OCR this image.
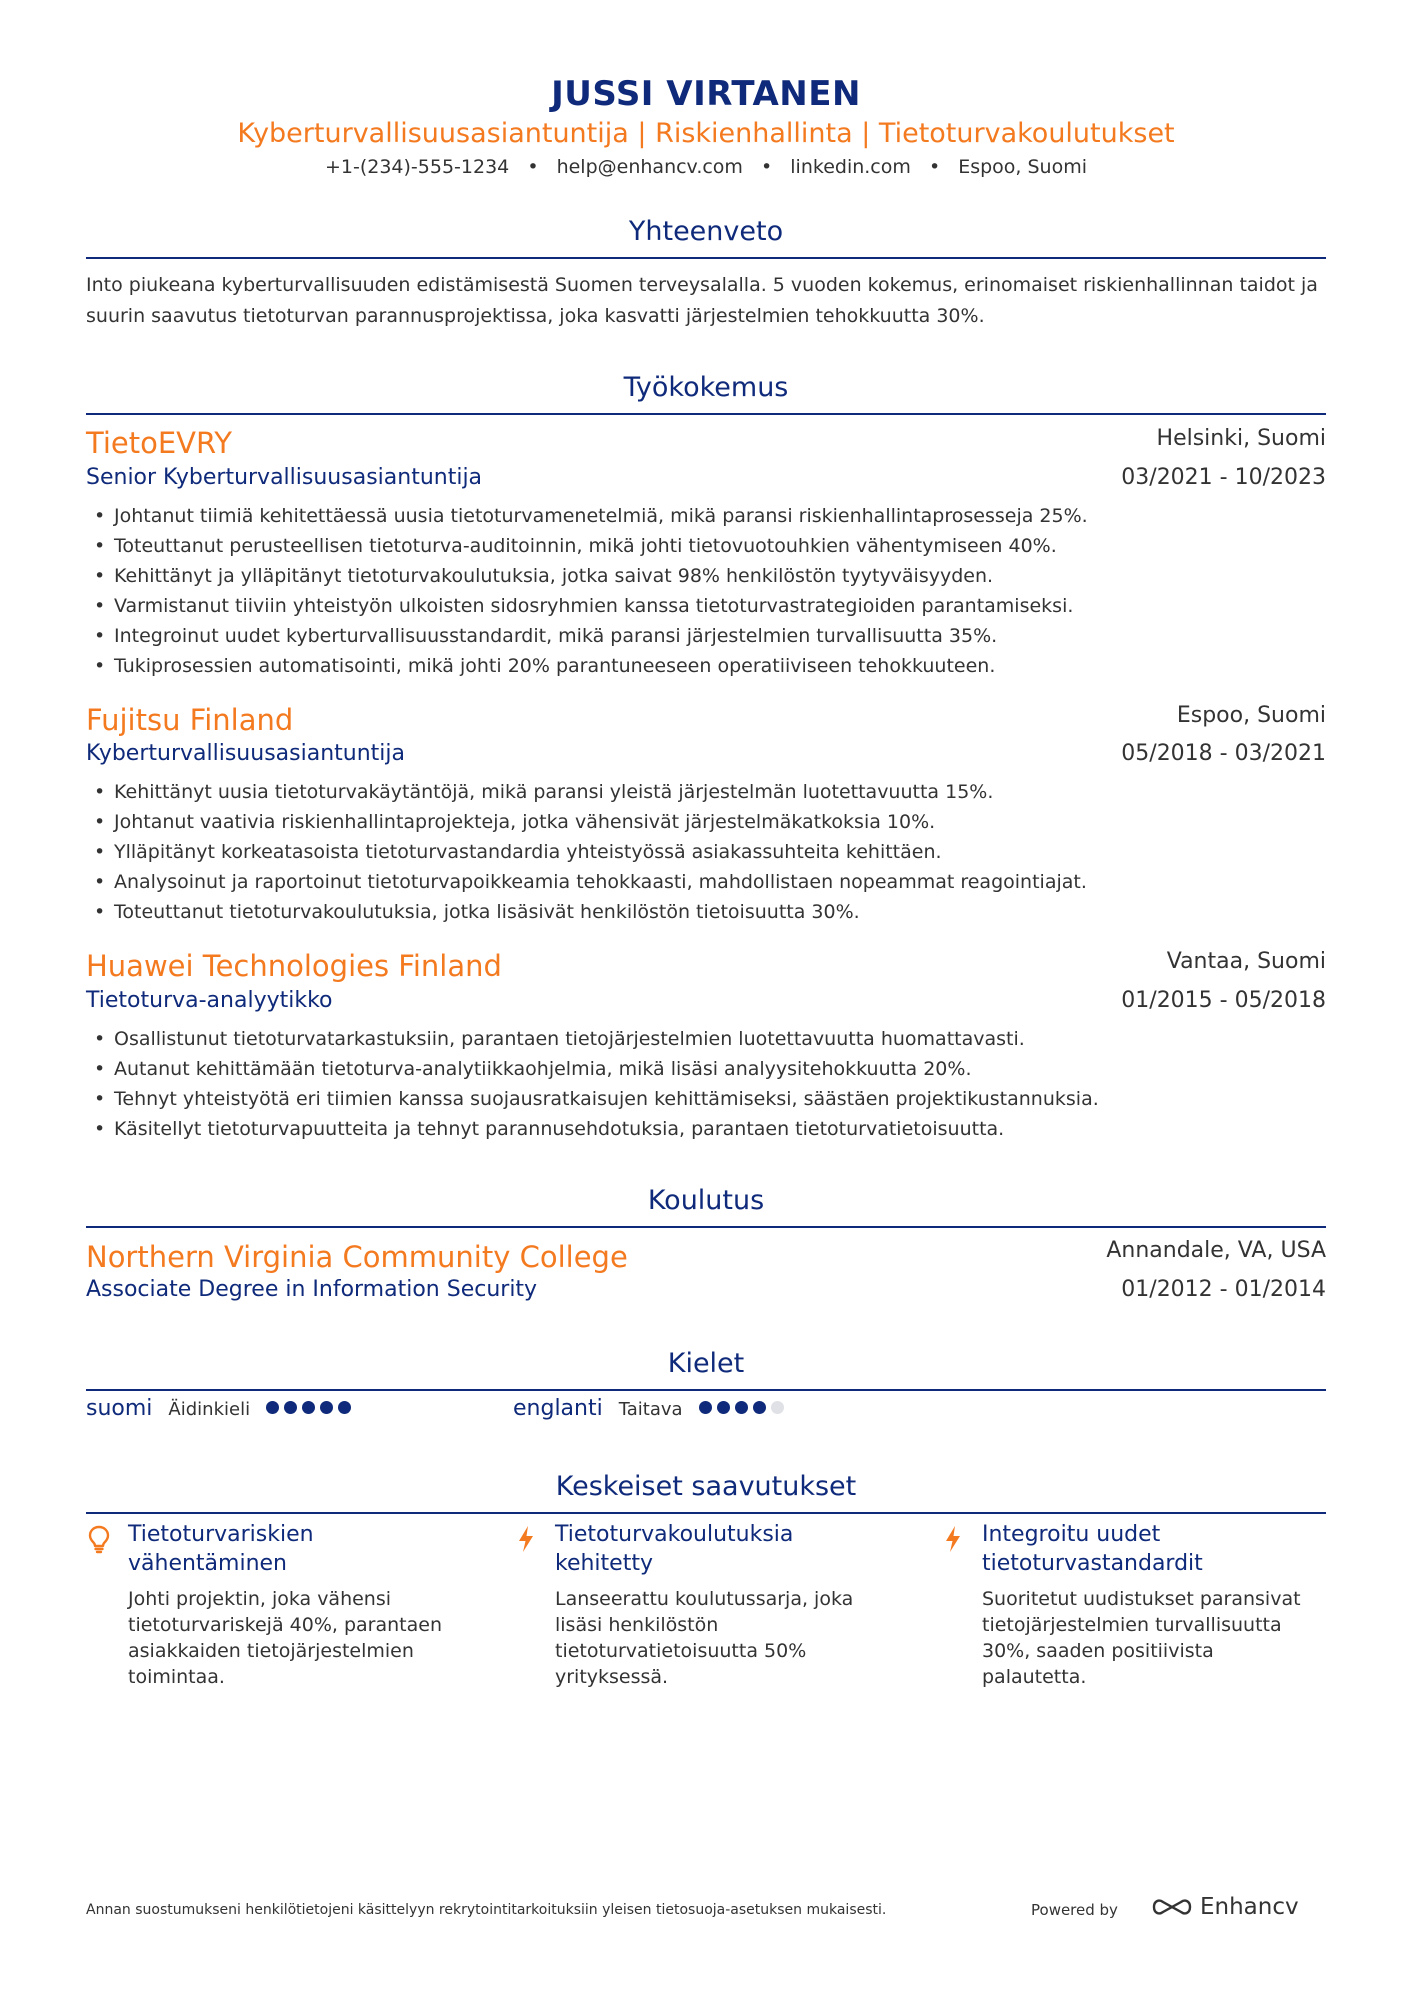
JUSSI VIRTANEN
Kyberturvallisuusasiantuntija | Riskienhallinta | Tietoturvakoulutukset
+1-(234)-555-1234 • help@enhancv.com • linkedin.com • Espoo, Suomi
Yhteenveto
Into piukeana kyberturvallisuuden edistämisestä Suomen terveysalalla. 5 vuoden kokemus, erinomaiset riskienhallinnan taidot ja suurin saavutus tietoturvan parannusprojektissa, joka kasvatti järjestelmien tehokkuutta 30%.
Työkokemus
TietoEVRY	Helsinki, Suomi
Senior Kyberturvallisuusasiantuntija	03/2021 - 10/2023
• Johtanut tiimiä kehitettäessä uusia tietoturvamenetelmiä, mikä paransi riskienhallintaprosesseja 25%.
• Toteuttanut perusteellisen tietoturva-auditoinnin, mikä johti tietovuotouhkien vähentymiseen 40%.
• Kehittänyt ja ylläpitänyt tietoturvakoulutuksia, jotka saivat 98% henkilöstön tyytyväisyyden.
• Varmistanut tiiviin yhteistyön ulkoisten sidosryhmien kanssa tietoturvastrategioiden parantamiseksi.
• Integroinut uudet kyberturvallisuusstandardit, mikä paransi järjestelmien turvallisuutta 35%.
• Tukiprosessien automatisointi, mikä johti 20% parantuneeseen operatiiviseen tehokkuuteen.
Fujitsu Finland	Espoo, Suomi
Kyberturvallisuusasiantuntija	05/2018 - 03/2021
• Kehittänyt uusia tietoturvakäytäntöjä, mikä paransi yleistä järjestelmän luotettavuutta 15%.
• Johtanut vaativia riskienhallintaprojekteja, jotka vähensivät järjestelmäkatkoksia 10%.
• Ylläpitänyt korkeatasoista tietoturvastandardia yhteistyössä asiakassuhteita kehittäen.
• Analysoinut ja raportoinut tietoturvapoikkeamia tehokkaasti, mahdollistaen nopeammat reagointiajat.
• Toteuttanut tietoturvakoulutuksia, jotka lisäsivät henkilöstön tietoisuutta 30%.
Huawei Technologies Finland	Vantaa, Suomi
Tietoturva-analyytikko	01/2015 - 05/2018
• Osallistunut tietoturvatarkastuksiin, parantaen tietojärjestelmien luotettavuutta huomattavasti.
• Autanut kehittämään tietoturva-analytiikkaohjelmia, mikä lisäsi analyysitehokkuutta 20%.
• Tehnyt yhteistyötä eri tiimien kanssa suojausratkaisujen kehittämiseksi, säästäen projektikustannuksia.
• Käsitellyt tietoturvapuutteita ja tehnyt parannusehdotuksia, parantaen tietoturvatietoisuutta.
Koulutus
Northern Virginia Community College	Annandale, VA, USA
Associate Degree in Information Security	01/2012 - 01/2014
Kielet
suomi Äidinkieli	englanti Taitava
Keskeiset saavutukset
Tietoturvariskien vähentäminen
Johti projektin, joka vähensi tietoturvariskejä 40%, parantaen asiakkaiden tietojärjestelmien toimintaa.
Tietoturvakoulutuksia kehitetty
Lanseerattu koulutussarja, joka lisäsi henkilöstön tietoturvatietoisuutta 50% yrityksessä.
Integroitu uudet tietoturvastandardit
Suoritetut uudistukset paransivat tietojärjestelmien turvallisuutta 30%, saaden positiivista palautetta.
Annan suostumukseni henkilötietojeni käsittelyyn rekrytointitarkoituksiin yleisen tietosuoja-asetuksen mukaisesti.	Powered by	Enhancv
